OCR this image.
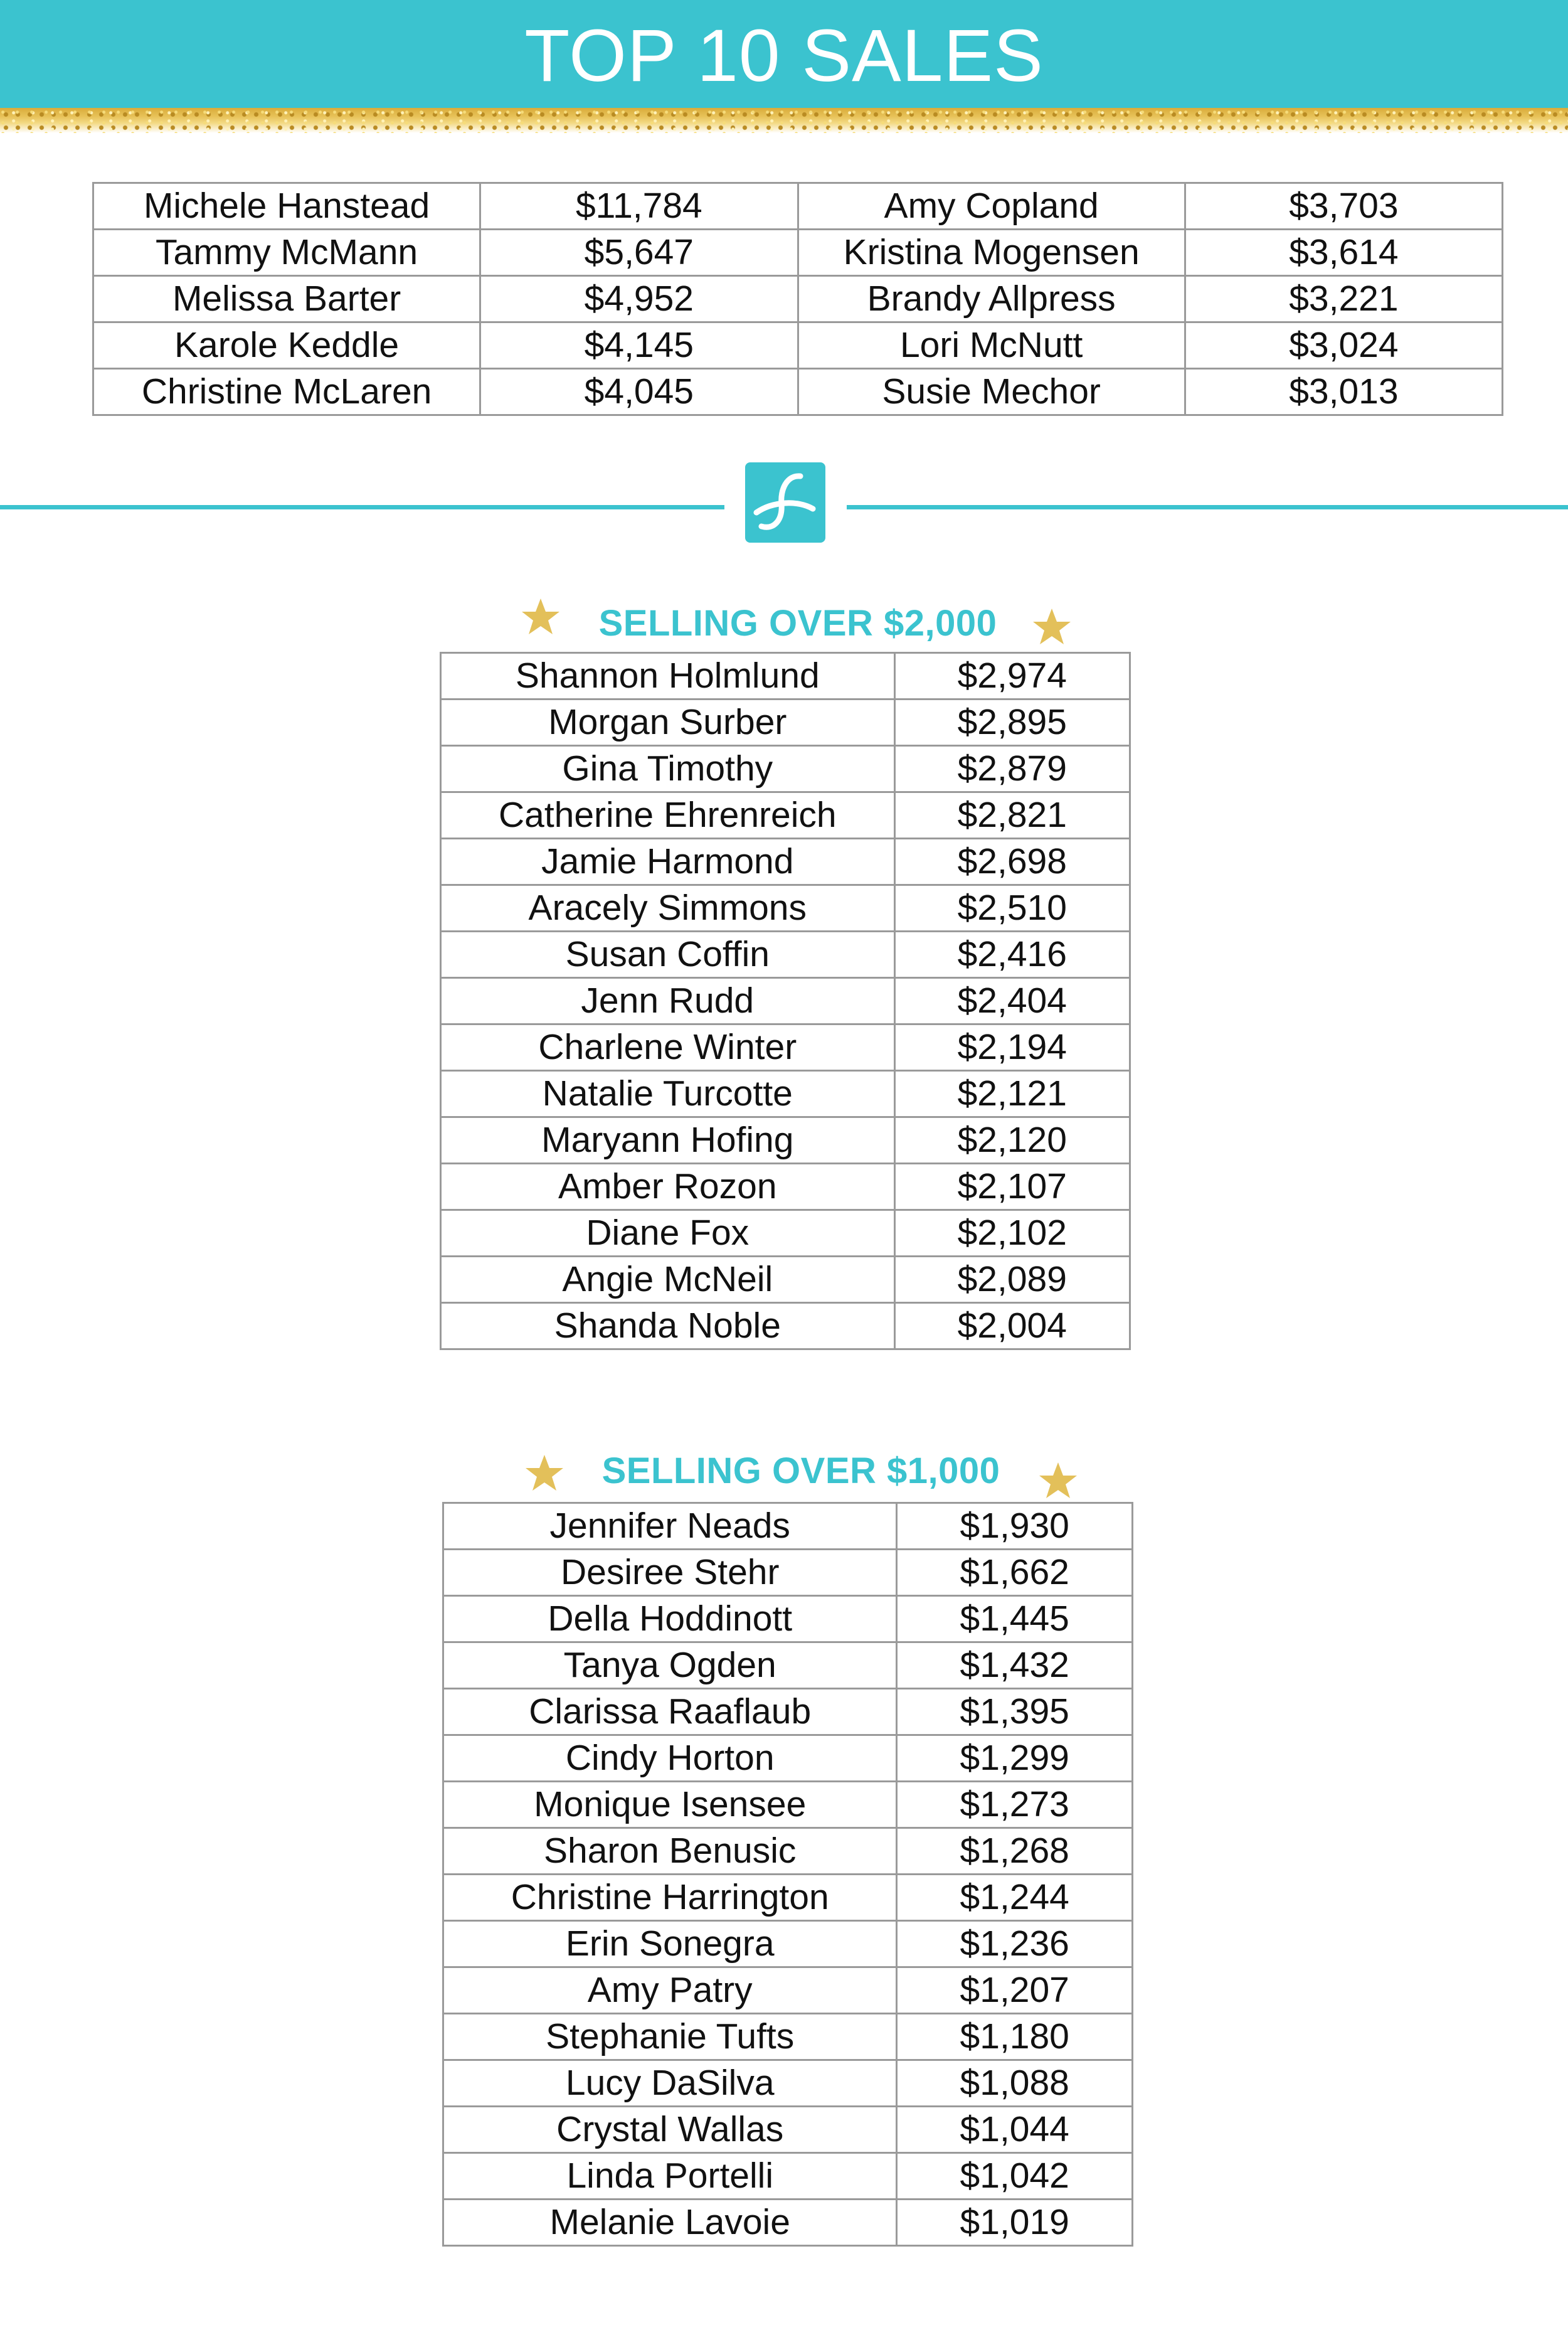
TOP 10 SALES
Michele Hanstead	$11,784	Amy Copland	$3,703
Tammy McMann	$5,647	Kristina Mogensen	$3,614
Melissa Barter	$4,952	Brandy Allpress	$3,221
Karole Keddle	$4,145	Lori McNutt	$3,024
Christine McLaren	$4,045	Susie Mechor	$3,013
SELLING OVER $2,000
Shannon Holmlund	$2,974
Morgan Surber	$2,895
Gina Timothy	$2,879
Catherine Ehrenreich	$2,821
Jamie Harmond	$2,698
Aracely Simmons	$2,510
Susan Coffin	$2,416
Jenn Rudd	$2,404
Charlene Winter	$2,194
Natalie Turcotte	$2,121
Maryann Hofing	$2,120
Amber Rozon	$2,107
Diane Fox	$2,102
Angie McNeil	$2,089
Shanda Noble	$2,004
SELLING OVER $1,000
Jennifer Neads	$1,930
Desiree Stehr	$1,662
Della Hoddinott	$1,445
Tanya Ogden	$1,432
Clarissa Raaflaub	$1,395
Cindy Horton	$1,299
Monique Isensee	$1,273
Sharon Benusic	$1,268
Christine Harrington	$1,244
Erin Sonegra	$1,236
Amy Patry	$1,207
Stephanie Tufts	$1,180
Lucy DaSilva	$1,088
Crystal Wallas	$1,044
Linda Portelli	$1,042
Melanie Lavoie	$1,019
